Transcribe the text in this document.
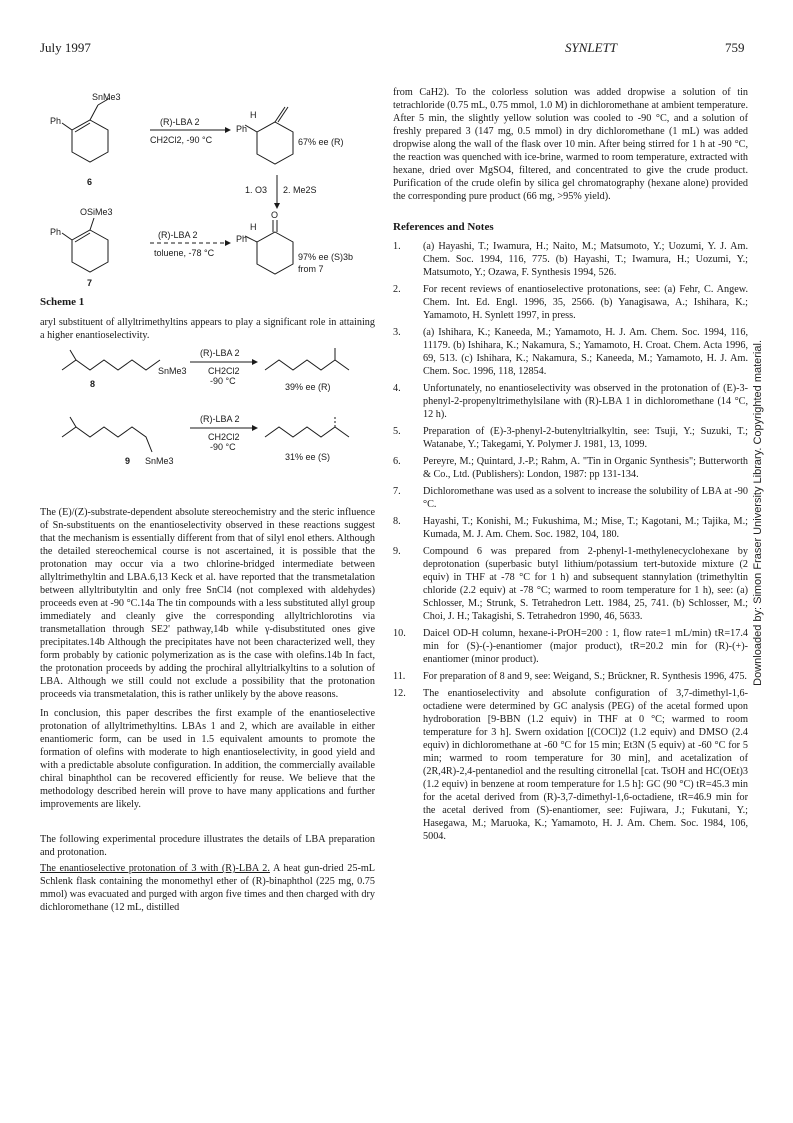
July 1997	SYNLETT	759
SnMe3
Ph
6
(R)-LBA 2
CH2Cl2, -90 °C
Ph
H
67% ee (R)
1. O3 2. Me2S
OSiMe3
Ph
7
(R)-LBA 2
toluene, -78 °C
O
Ph
H
97% ee (S)3b
from 7
Scheme 1

aryl substituent of allyltrimethyltins appears to play a significant role in attaining a higher enantioselectivity.

SnMe3
8
(R)-LBA 2
CH2Cl2
-90 °C
39% ee (R)
SnMe3
9
(R)-LBA 2
CH2Cl2
-90 °C
31% ee (S)

The (E)/(Z)-substrate-dependent absolute stereochemistry and the steric influence of Sn-substituents on the enantioselectivity observed in these reactions suggest that the mechanism is essentially different from that of silyl enol ethers. Although the detailed stereochemical course is not ascertained, it is possible that the protonation may occur via a two chlorine-bridged intermediate between allyltrimethyltin and LBA.6,13 Keck et al. have reported that the transmetalation between allyltributyltin and only free SnCl4 (not complexed with aldehydes) proceeds even at -90 °C.14a The tin compounds with a less substituted allyl group immediately and cleanly give the corresponding allyltrichlorotins via transmetallation through SE2' pathway,14b while γ-disubstituted ones give precipitates.14b Although the precipitates have not been characterized well, they form probably by cationic polymerization as is the case with olefins.14b In fact, the protonation proceeds by adding the prochiral allyltrialkyltins to a solution of LBA. Although we still could not exclude a possibility that the protonation proceeds via transmetalation, this is rather unlikely by the above reasons.

In conclusion, this paper describes the first example of the enantioselective protonation of allyltrimethyltins. LBAs 1 and 2, which are available in either enantiomeric form, can be used in 1.5 equivalent amounts to promote the formation of olefins with moderate to high enantioselectivity, in good yield and with a predictable absolute configuration. In addition, the commercially available chiral binaphthol can be recovered efficiently for reuse. We believe that the methodology described herein will prove to have many applications and further improvements are likely.

The following experimental procedure illustrates the details of LBA preparation and protonation.

The enantioselective protonation of 3 with (R)-LBA 2. A heat gun-dried 25-mL Schlenk flask containing the monomethyl ether of (R)-binaphthol (225 mg, 0.75 mmol) was evacuated and purged with argon five times and then charged with dry dichloromethane (12 mL, distilled

from CaH2). To the colorless solution was added dropwise a solution of tin tetrachloride (0.75 mL, 0.75 mmol, 1.0 M) in dichloromethane at ambient temperature. After 5 min, the slightly yellow solution was cooled to -90 °C, and a solution of freshly prepared 3 (147 mg, 0.5 mmol) in dry dichloromethane (1 mL) was added dropwise along the wall of the flask over 10 min. After being stirred for 1 h at -90 °C, the reaction was quenched with ice-brine, warmed to room temperature, extracted with hexane, dried over MgSO4, filtered, and concentrated to give the crude product. Purification of the crude olefin by silica gel chromatography (hexane alone) provided the corresponding pure product (66 mg, >95% yield).

References and Notes
1.	(a) Hayashi, T.; Iwamura, H.; Naito, M.; Matsumoto, Y.; Uozumi, Y. J. Am. Chem. Soc. 1994, 116, 775. (b) Hayashi, T.; Iwamura, H.; Uozumi, Y.; Matsumoto, Y.; Ozawa, F. Synthesis 1994, 526.
2.	For recent reviews of enantioselective protonations, see: (a) Fehr, C. Angew. Chem. Int. Ed. Engl. 1996, 35, 2566. (b) Yanagisawa, A.; Ishihara, K.; Yamamoto, H. Synlett 1997, in press.
3.	(a) Ishihara, K.; Kaneeda, M.; Yamamoto, H. J. Am. Chem. Soc. 1994, 116, 11179. (b) Ishihara, K.; Nakamura, S.; Yamamoto, H. Croat. Chem. Acta 1996, 69, 513. (c) Ishihara, K.; Nakamura, S.; Kaneeda, M.; Yamamoto, H. J. Am. Chem. Soc. 1996, 118, 12854.
4.	Unfortunately, no enantioselectivity was observed in the protonation of (E)-3-phenyl-2-propenyltrimethylsilane with (R)-LBA 1 in dichloromethane (14 °C, 12 h).
5.	Preparation of (E)-3-phenyl-2-butenyltrialkyltin, see: Tsuji, Y.; Suzuki, T.; Watanabe, Y.; Takegami, Y. Polymer J. 1981, 13, 1099.
6.	Pereyre, M.; Quintard, J.-P.; Rahm, A. "Tin in Organic Synthesis"; Butterworth & Co., Ltd. (Publishers): London, 1987: pp 131-134.
7.	Dichloromethane was used as a solvent to increase the solubility of LBA at -90 °C.
8.	Hayashi, T.; Konishi, M.; Fukushima, M.; Mise, T.; Kagotani, M.; Tajika, M.; Kumada, M. J. Am. Chem. Soc. 1982, 104, 180.
9.	Compound 6 was prepared from 2-phenyl-1-methylenecyclohexane by deprotonation (superbasic butyl lithium/potassium tert-butoxide mixture (2 equiv) in THF at -78 °C for 1 h) and subsequent stannylation (trimethyltin chloride (2.2 equiv) at -78 °C; warmed to room temperature for 1 h), see: (a) Schlosser, M.; Strunk, S. Tetrahedron Lett. 1984, 25, 741. (b) Schlosser, M.; Choi, J. H.; Takagishi, S. Tetrahedron 1990, 46, 5633.
10.	Daicel OD-H column, hexane-i-PrOH=200 : 1, flow rate=1 mL/min) tR=17.4 min for (S)-(-)-enantiomer (major product), tR=20.2 min for (R)-(+)-enantiomer (minor product).
11.	For preparation of 8 and 9, see: Weigand, S.; Brückner, R. Synthesis 1996, 475.
12.	The enantioselectivity and absolute configuration of 3,7-dimethyl-1,6-octadiene were determined by GC analysis (PEG) of the acetal formed upon hydroboration [9-BBN (1.2 equiv) in THF at 0 °C; warmed to room temperature for 3 h]. Swern oxidation [(COCl)2 (1.2 equiv) and DMSO (2.4 equiv) in dichloromethane at -60 °C for 15 min; Et3N (5 equiv) at -60 °C for 5 min; warmed to room temperature for 30 min], and acetalization of (2R,4R)-2,4-pentanediol and the resulting citronellal [cat. TsOH and HC(OEt)3 (1.2 equiv) in benzene at room temperature for 1.5 h]: GC (90 °C) tR=45.3 min for the acetal derived from (R)-3,7-dimethyl-1,6-octadiene, tR=46.9 min for the acetal derived from (S)-enantiomer, see: Fujiwara, J.; Fukutani, Y.; Hasegawa, M.; Maruoka, K.; Yamamoto, H. J. Am. Chem. Soc. 1984, 106, 5004.
Downloaded by: Simon Fraser University Library. Copyrighted material.
